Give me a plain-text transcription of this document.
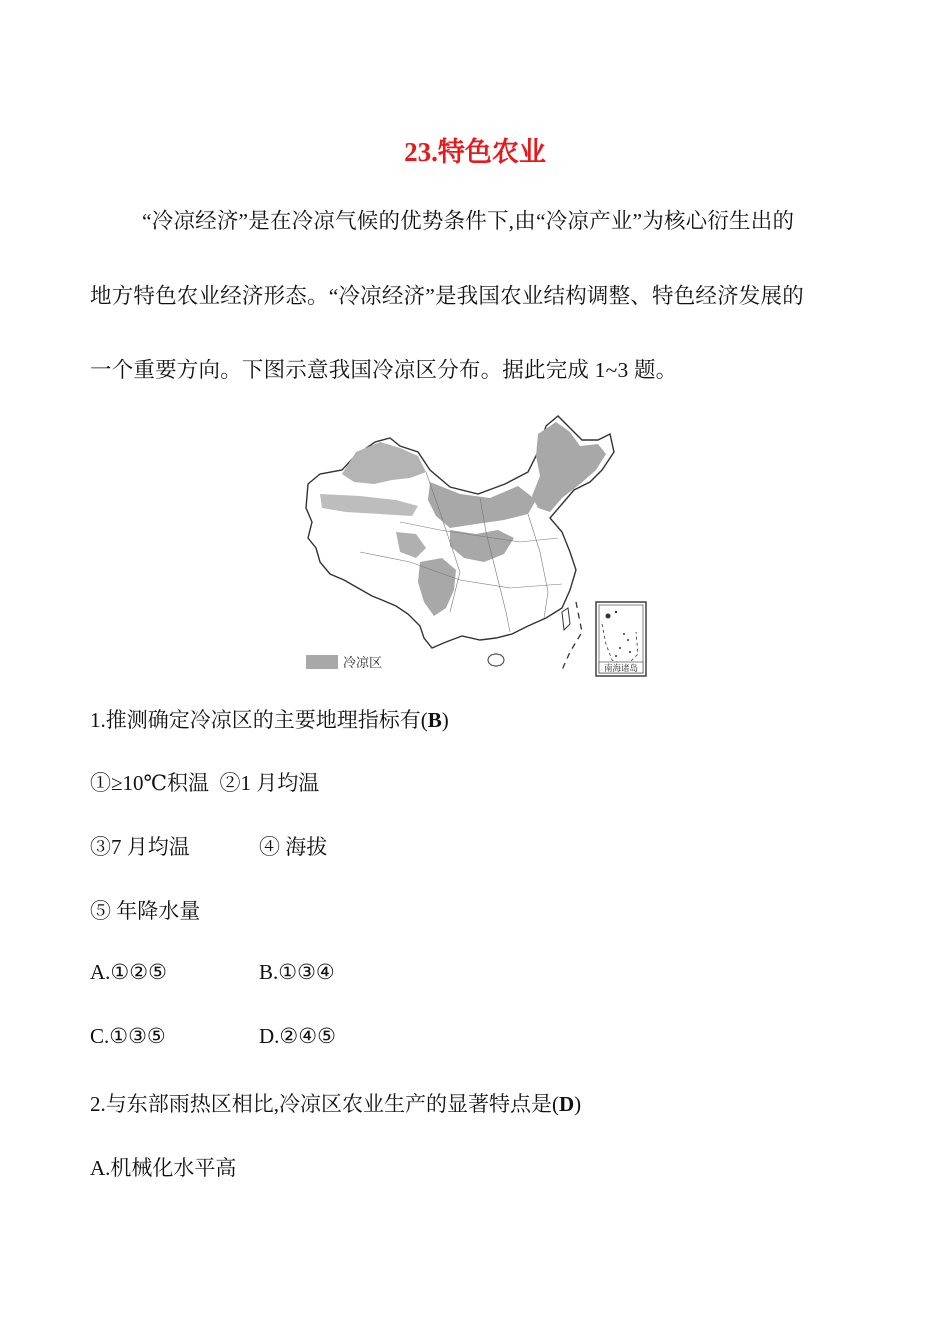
23.特色农业
“冷凉经济”是在冷凉气候的优势条件下,由“冷凉产业”为核心衍生出的
地方特色农业经济形态。“冷凉经济”是我国农业结构调整、特色经济发展的
一个重要方向。下图示意我国冷凉区分布。据此完成 1~3 题。
南海诸岛
冷凉区
1.推测确定冷凉区的主要地理指标有(B)
①≥10℃积温  ②1 月均温
③7 月均温	④ 海拔
⑤ 年降水量
A.①②⑤	B.①③④
C.①③⑤	D.②④⑤
2.与东部雨热区相比,冷凉区农业生产的显著特点是(D)
A.机械化水平高
